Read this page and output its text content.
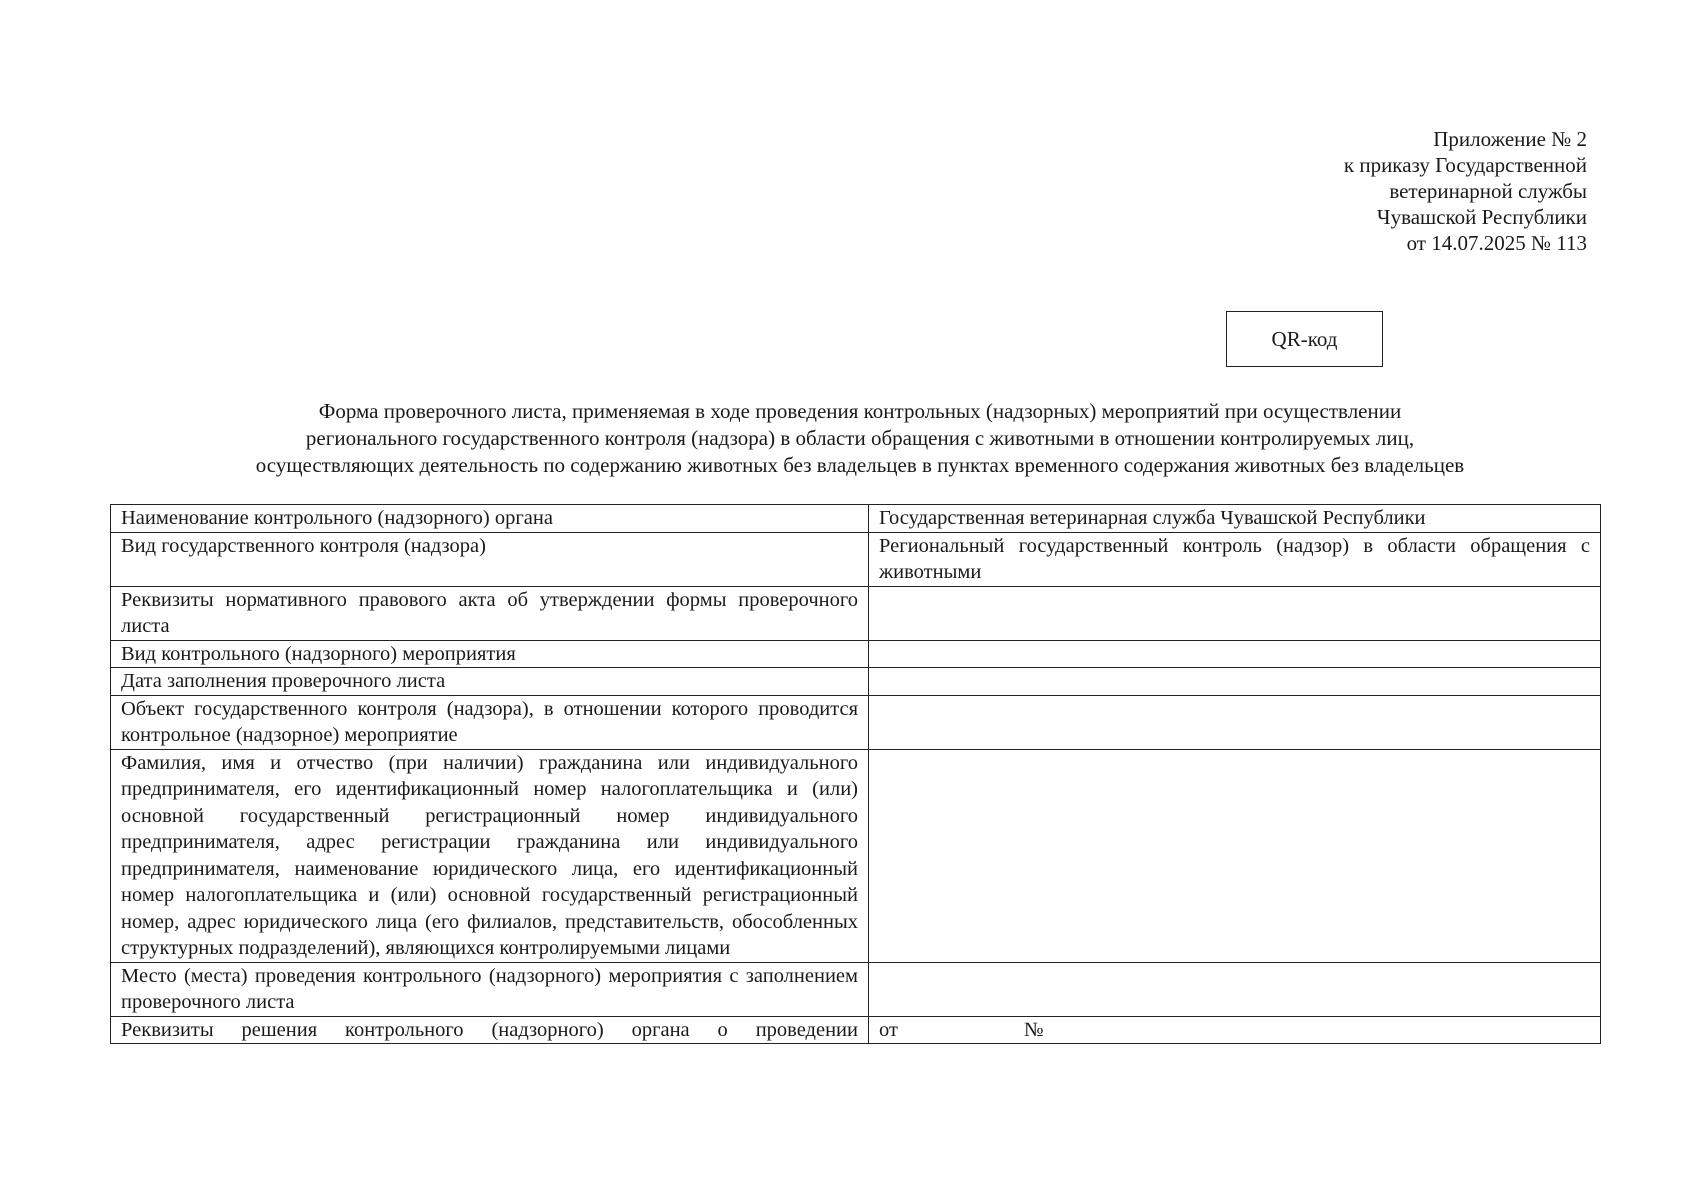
Приложение № 2
к приказу Государственной
ветеринарной службы
Чувашской Республики
от 14.07.2025 № 113
QR-код
Форма проверочного листа, применяемая в ходе проведения контрольных (надзорных) мероприятий при осуществлении
регионального государственного контроля (надзора) в области обращения с животными в отношении контролируемых лиц,
осуществляющих деятельность по содержанию животных без владельцев в пунктах временного содержания животных без владельцев
Наименование контрольного (надзорного) органа	Государственная ветеринарная служба Чувашской Республики
Вид государственного контроля (надзора)	Региональный государственный контроль (надзор) в области обращения с животными
Реквизиты нормативного правового акта об утверждении формы проверочного листа	
Вид контрольного (надзорного) мероприятия	
Дата заполнения проверочного листа	
Объект государственного контроля (надзора), в отношении которого проводится контрольное (надзорное) мероприятие	
Фамилия, имя и отчество (при наличии) гражданина или индивидуального предпринимателя, его идентификационный номер налогоплательщика и (или) основной государственный регистрационный номер индивидуального предпринимателя, адрес регистрации гражданина или индивидуального предпринимателя, наименование юридического лица, его идентификационный номер налогоплательщика и (или) основной государственный регистрационный номер, адрес юридического лица (его филиалов, представительств, обособленных структурных подразделений), являющихся контролируемыми лицами	
Место (места) проведения контрольного (надзорного) мероприятия с заполнением проверочного листа	
Реквизиты решения контрольного (надзорного) органа о проведении	от №
